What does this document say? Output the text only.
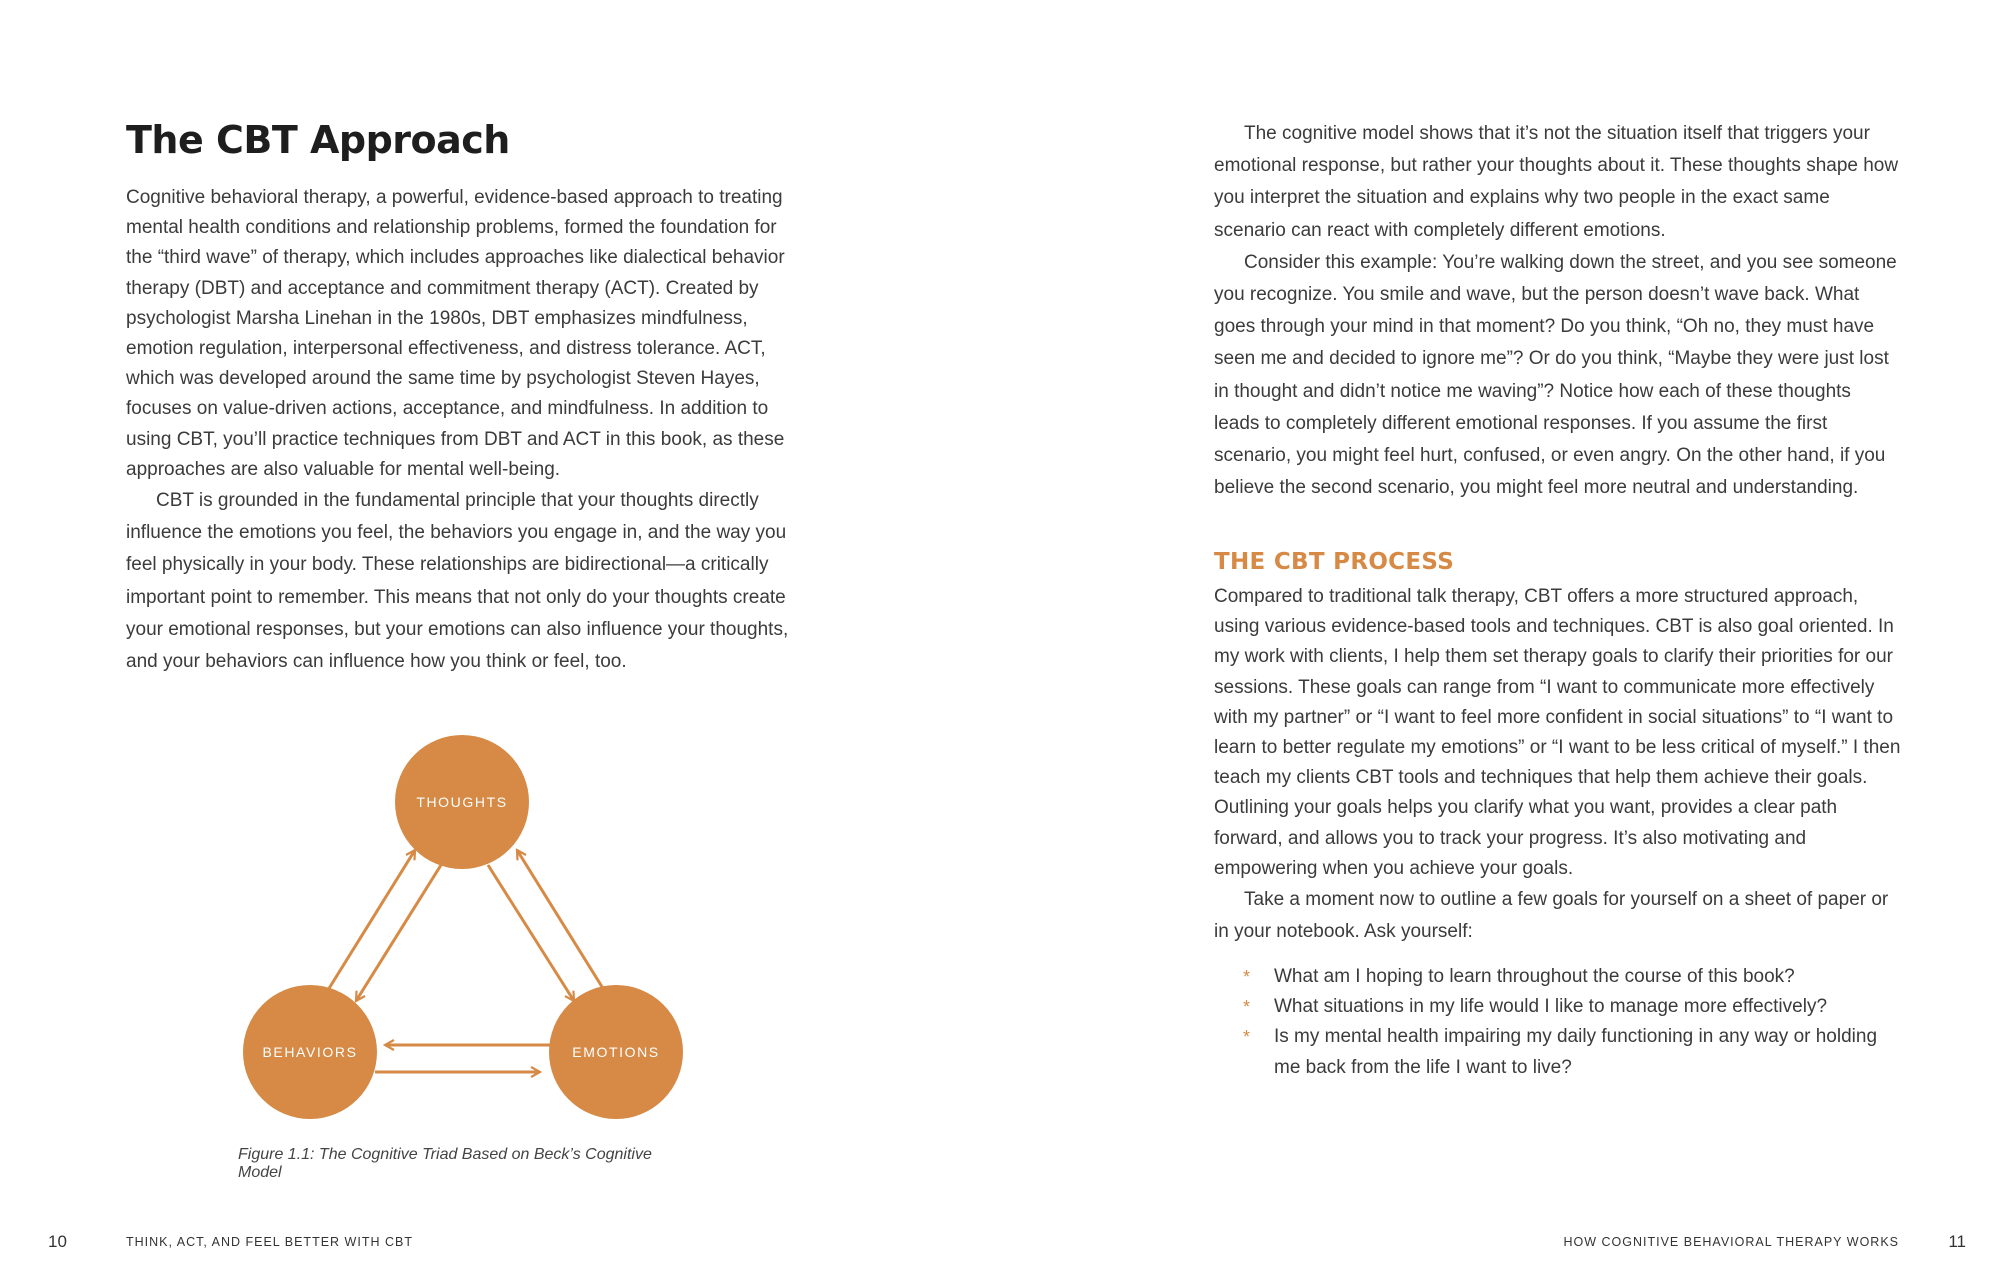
The CBT Approach

Cognitive behavioral therapy, a powerful, evidence-based approach to treating mental health conditions and relationship problems, formed the foundation for the “third wave” of therapy, which includes approaches like dialectical behavior therapy (DBT) and acceptance and commitment therapy (ACT). Created by psychologist Marsha Linehan in the 1980s, DBT emphasizes mindfulness, emotion regulation, interpersonal effectiveness, and distress tolerance. ACT, which was developed around the same time by psychologist Steven Hayes, focuses on value-driven actions, acceptance, and mindfulness. In addition to using CBT, you’ll practice techniques from DBT and ACT in this book, as these approaches are also valuable for mental well-being.

CBT is grounded in the fundamental principle that your thoughts directly influence the emotions you feel, the behaviors you engage in, and the way you feel physically in your body. These relationships are bidirectional—a critically important point to remember. This means that not only do your thoughts create your emotional responses, but your emotions can also influence your thoughts, and your behaviors can influence how you think or feel, too.

THOUGHTS
BEHAVIORS	EMOTIONS
Figure 1.1: The Cognitive Triad Based on Beck’s Cognitive Model
10	THINK, ACT, AND FEEL BETTER WITH CBT

The cognitive model shows that it’s not the situation itself that triggers your emotional response, but rather your thoughts about it. These thoughts shape how you interpret the situation and explains why two people in the exact same scenario can react with completely different emotions.

Consider this example: You’re walking down the street, and you see someone you recognize. You smile and wave, but the person doesn’t wave back. What goes through your mind in that moment? Do you think, “Oh no, they must have seen me and decided to ignore me”? Or do you think, “Maybe they were just lost in thought and didn’t notice me waving”? Notice how each of these thoughts leads to completely different emotional responses. If you assume the first scenario, you might feel hurt, confused, or even angry. On the other hand, if you believe the second scenario, you might feel more neutral and understanding.

THE CBT PROCESS

Compared to traditional talk therapy, CBT offers a more structured approach, using various evidence-based tools and techniques. CBT is also goal oriented. In my work with clients, I help them set therapy goals to clarify their priorities for our sessions. These goals can range from “I want to communicate more effectively with my partner” or “I want to feel more confident in social situations” to “I want to learn to better regulate my emotions” or “I want to be less critical of myself.” I then teach my clients CBT tools and techniques that help them achieve their goals. Outlining your goals helps you clarify what you want, provides a clear path forward, and allows you to track your progress. It’s also motivating and empowering when you achieve your goals.

Take a moment now to outline a few goals for yourself on a sheet of paper or in your notebook. Ask yourself:

* What am I hoping to learn throughout the course of this book?
* What situations in my life would I like to manage more effectively?
* Is my mental health impairing my daily functioning in any way or holding me back from the life I want to live?
HOW COGNITIVE BEHAVIORAL THERAPY WORKS	11
